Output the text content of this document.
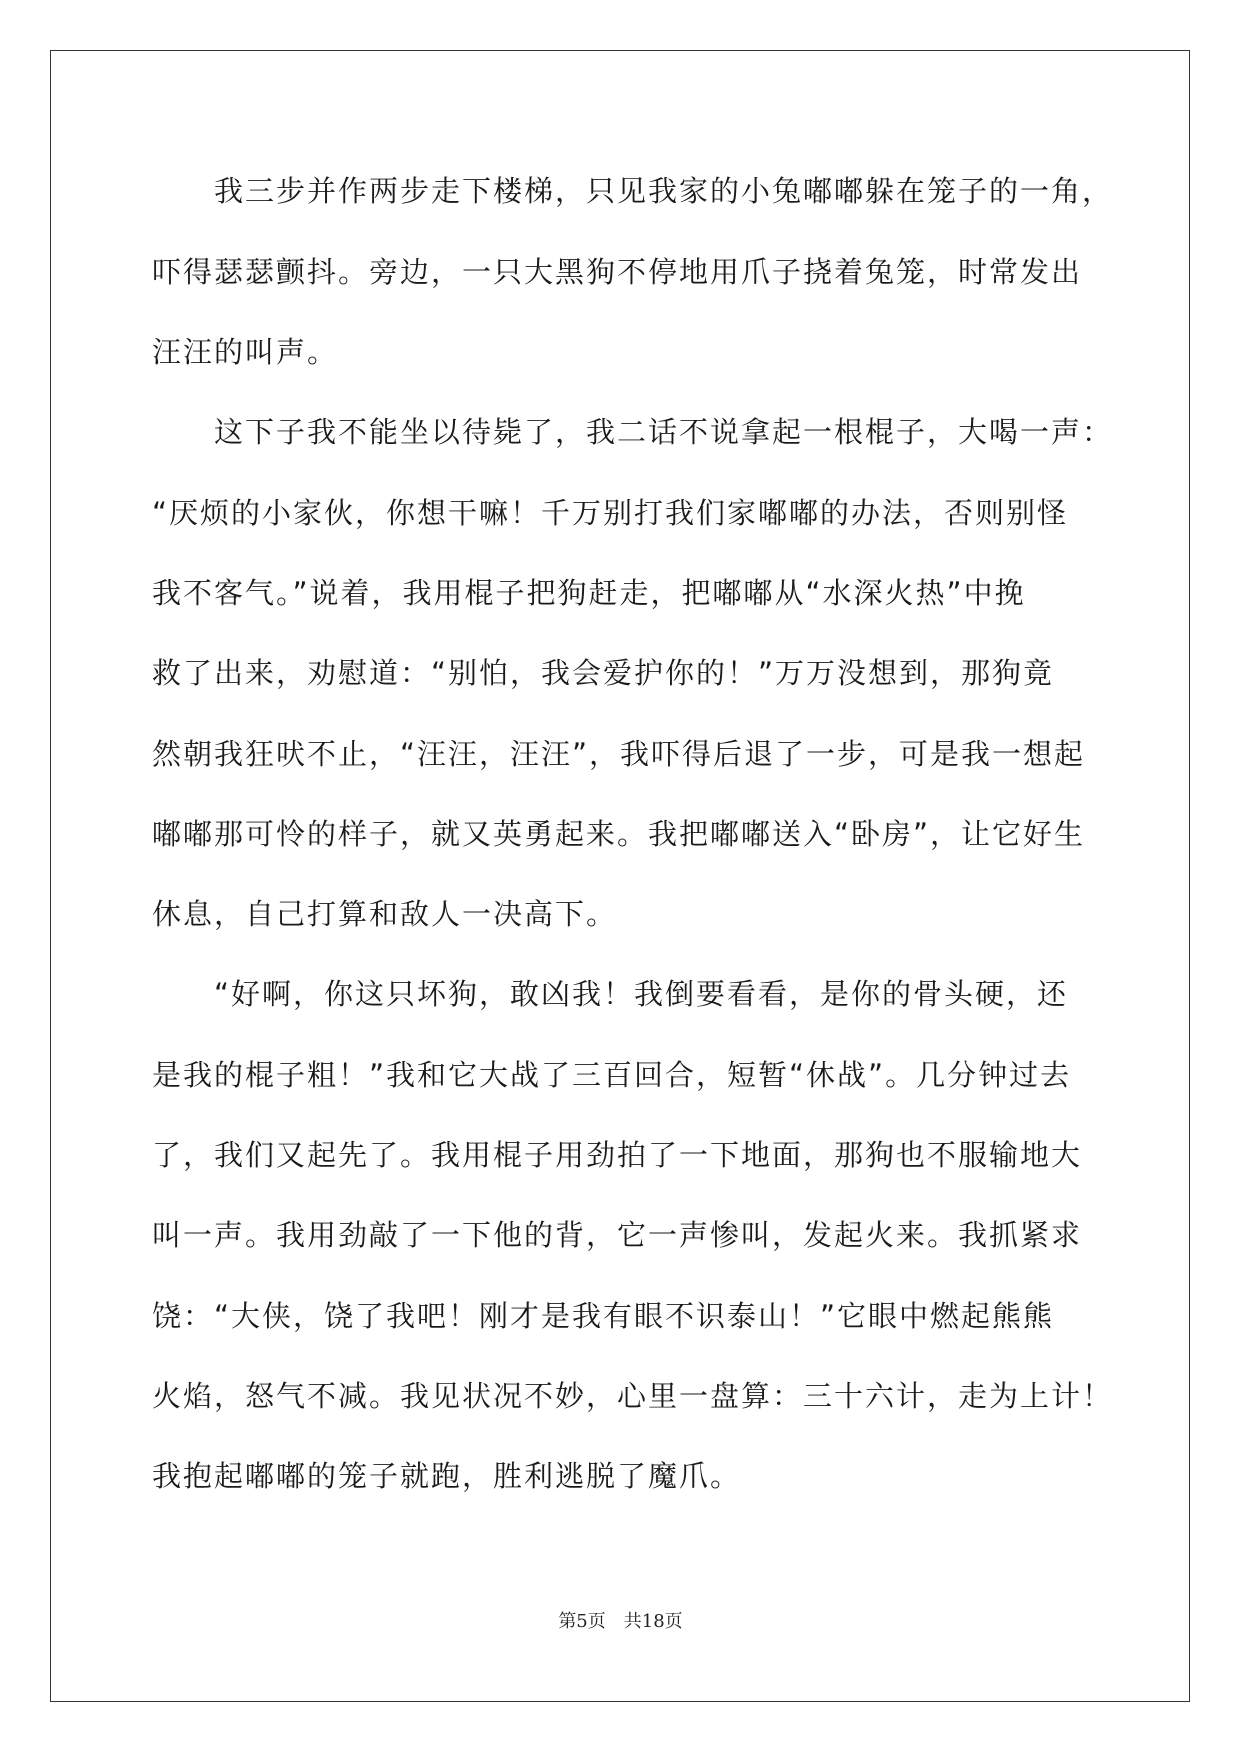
　　我三步并作两步走下楼梯，只见我家的小兔嘟嘟躲在笼子的一角，
吓得瑟瑟颤抖。旁边，一只大黑狗不停地用爪子挠着兔笼，时常发出
汪汪的叫声。
　　这下子我不能坐以待毙了，我二话不说拿起一根棍子，大喝一声：
“厌烦的小家伙，你想干嘛！千万别打我们家嘟嘟的办法，否则别怪
我不客气。”说着，我用棍子把狗赶走，把嘟嘟从“水深火热”中挽
救了出来，劝慰道：“别怕，我会爱护你的！”万万没想到，那狗竟
然朝我狂吠不止，“汪汪，汪汪”，我吓得后退了一步，可是我一想起
嘟嘟那可怜的样子，就又英勇起来。我把嘟嘟送入“卧房”，让它好生
休息，自己打算和敌人一决高下。
　　“好啊，你这只坏狗，敢凶我！我倒要看看，是你的骨头硬，还
是我的棍子粗！”我和它大战了三百回合，短暂“休战”。几分钟过去
了，我们又起先了。我用棍子用劲拍了一下地面，那狗也不服输地大
叫一声。我用劲敲了一下他的背，它一声惨叫，发起火来。我抓紧求
饶：“大侠，饶了我吧！刚才是我有眼不识泰山！”它眼中燃起熊熊
火焰，怒气不减。我见状况不妙，心里一盘算：三十六计，走为上计！
我抱起嘟嘟的笼子就跑，胜利逃脱了魔爪。
第5页 共18页
